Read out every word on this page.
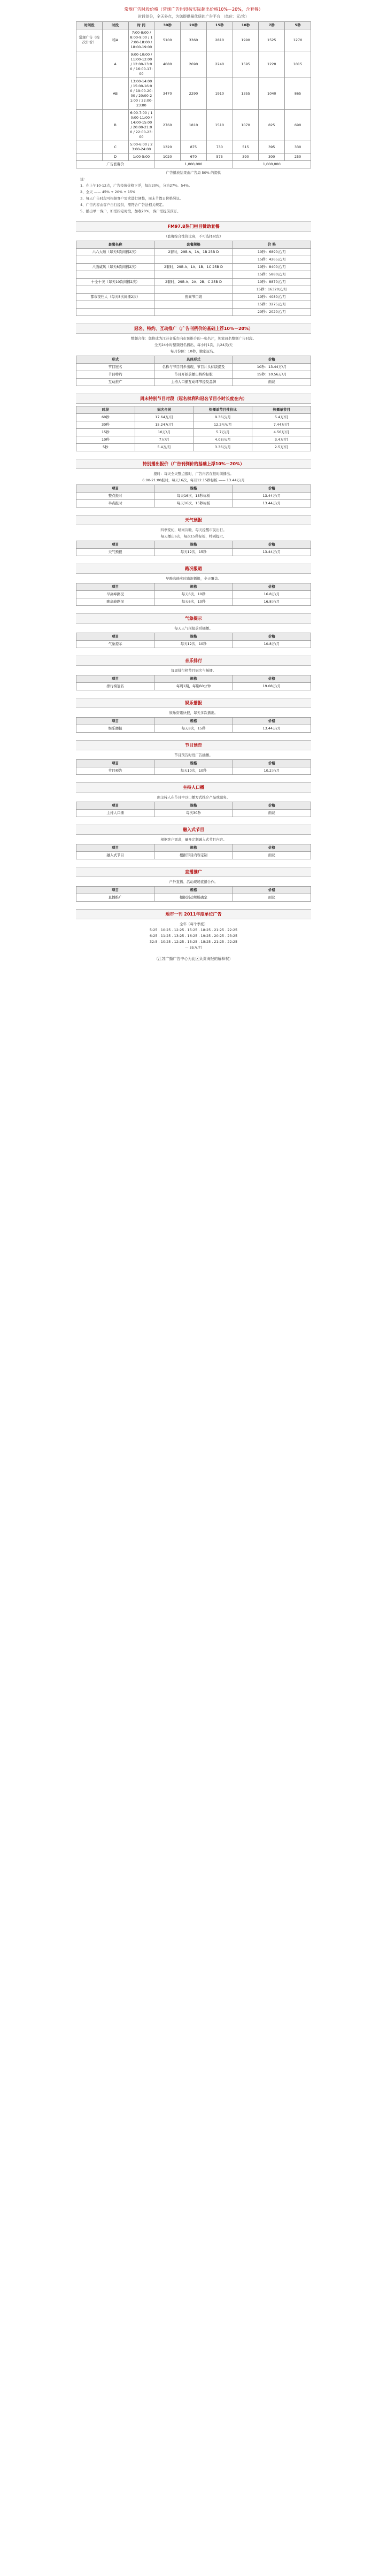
常规广告时段价格（常规广告时段按实际超出价格10%－20%，含套餐）
时段划分，全天外点，为您提供最优质的广告平台 （单位：元/次）
时间段	时段	时 间	30秒	20秒	15秒	10秒	7秒	5秒
常规广告（按次计价）	特A	7:00-8:00 / 8:00-9:00 / 17:00-18:00 / 18:00-19:00	5100	3360	2810	1990	1525	1270
	A	9:00-10:00 / 11:00-12:00 / 12:00-13:00 / 16:00-17:00	4080	2690	2240	1595	1220	1015
	AB	13:00-14:00 / 15:00-16:00 / 19:00-20:00 / 20:00-21:00 / 22:00-23:00	3470	2290	1910	1355	1040	865
	B	6:00-7:00 / 10:00-11:00 / 14:00-15:00 / 20:00-21:00 / 22:00-23:00	2760	1810	1510	1070	825	690
	C	5:00-6:00 / 23:00-24:00	1320	875	730	515	395	330
	D	1:00-5:00	1020	670	575	390	300	250
广告套餐价			1,000,000			1,000,000		
广告播放结果由广告局 50% 的提供
注：
1、在上午10-12点，广告投放价格下浮，每次20%，分为27%、54%。
2、全天 —— 45% + 20% + 15%
3、每天广告时段可根据客户需求进行调整，周末节假日价格另议。
4、广告内容由客户自行提供，需符合广告法相关规定。
5、播出单一客户，如需指定时段，加收20%，客户需提前预订。
FM97.8热门栏目赞助套餐
（套餐综合性价比高，不可选择时段）
套餐名称	套餐规格	价 格
六六大顺（每天5次间播2次）	2套时，29B A、1A、1B 25B D	10秒：6890元/月
		15秒：4265元/月
八面威风（每天8次间播2次）	2套时，29B A、1A、1B、1C 25B D	10秒：8400元/月
		15秒：5880元/月
十全十美（每天10次间播2次）	2套时，29B A、2A、2B、C 25B D	10秒：8870元/月
		15秒：16320元/月
都市夜归人（每天5次间播2次）	夜间节目段	10秒：4080元/月
		15秒：3275元/月
		20秒：2020元/月
冠名、特约、互动推广（广告刊例价的基础上浮10%－20%）
整频合作：您将成为江苏音乐台向市民推介的一张名片，独家冠名整频广告时段。
全天24小时整频冠名播出，每小时1次，共24次/天
每月份额：10秒，独家冠名。
形式	具体形式	价格
节目冠名	名称与节目同步出现，节目片头标版提及	10秒：13.44万/月
节目特约	节目开始前播出特约标版	15秒：10.56万/月
互动推广	主持人口播互动环节提及品牌	面议
周末特别节目时段（冠名权利和冠名节目小时长度在内）
时段	冠名合同	热播单节目性价比	热播单节目
60秒	17.64万/月	9.36万/月	5.4万/月
30秒	15.24万/月	12.24万/月	7.44万/月
15秒	10万/月	5.7万/月	4.56万/月
10秒	7万/月	4.08万/月	3.4万/月
5秒	5.4万/月	3.36万/月	2.5万/月
特别播出报价（广告刊例价的基础上浮10%－20%）
报时：每天全天整点报时，广告内容在报时前播出。
6:00-21:00报时，每天16次，每月12.15秒标板 —— 13.44万/月
项目	规格	价格
整点报时	每天16次，15秒标板	13.44万/月
半点报时	每天16次，15秒标板	13.44万/月
天气预报
四季变幻，晴雨冷暖，每天提醒市民出行。
每天播出6次，每次15秒标板，特别提示。
项目	规格	价格
天气预报	每天12次，15秒	13.44万/月
路况报道
早晚高峰实时路况播报，全天覆盖。
项目	规格	价格
早高峰路况	每天6次，10秒	16.8万/月
晚高峰路况	每天6次，10秒	16.8万/月
气象提示
每天天气预报前后插播。
项目	规格	价格
气象提示	每天12次，10秒	10.8万/月
音乐排行
每周排行榜节目冠名与插播。
项目	规格	价格
排行榜冠名	每周1期，每期60分钟	19.08万/月
娱乐播报
娱乐资讯快报，每天多次播出。
项目	规格	价格
娱乐播报	每天8次，15秒	13.44万/月
节目预告
节目预告时段广告插播。
项目	规格	价格
节目预告	每天10次，10秒	10.2万/月
主持人口播
由主持人在节目中以口播方式推介产品或服务。
项目	规格	价格
主持人口播	每次30秒	面议
融入式节目
根据客户需求，量身定制融入式节目内容。
项目	规格	价格
融入式节目	根据节目内容定制	面议
直播推广
户外直播、活动现场直播合作。
项目	规格	价格
直播推广	根据活动规模确定	面议
地市一刊 2011年度单位广告
全年（每个季度）
5:25 . 10:25 . 12:25 . 15:25 . 18:25 . 21:25 . 22:25
6:25 . 11:25 . 13:25 . 16:25 . 19:25 . 20:25 . 23:25
32:5 . 10:25 . 12:25 . 15:25 . 18:25 . 21:25 . 22:25
— 35万/月
（江苏广播广告中心为此区负责海报的解释权）
